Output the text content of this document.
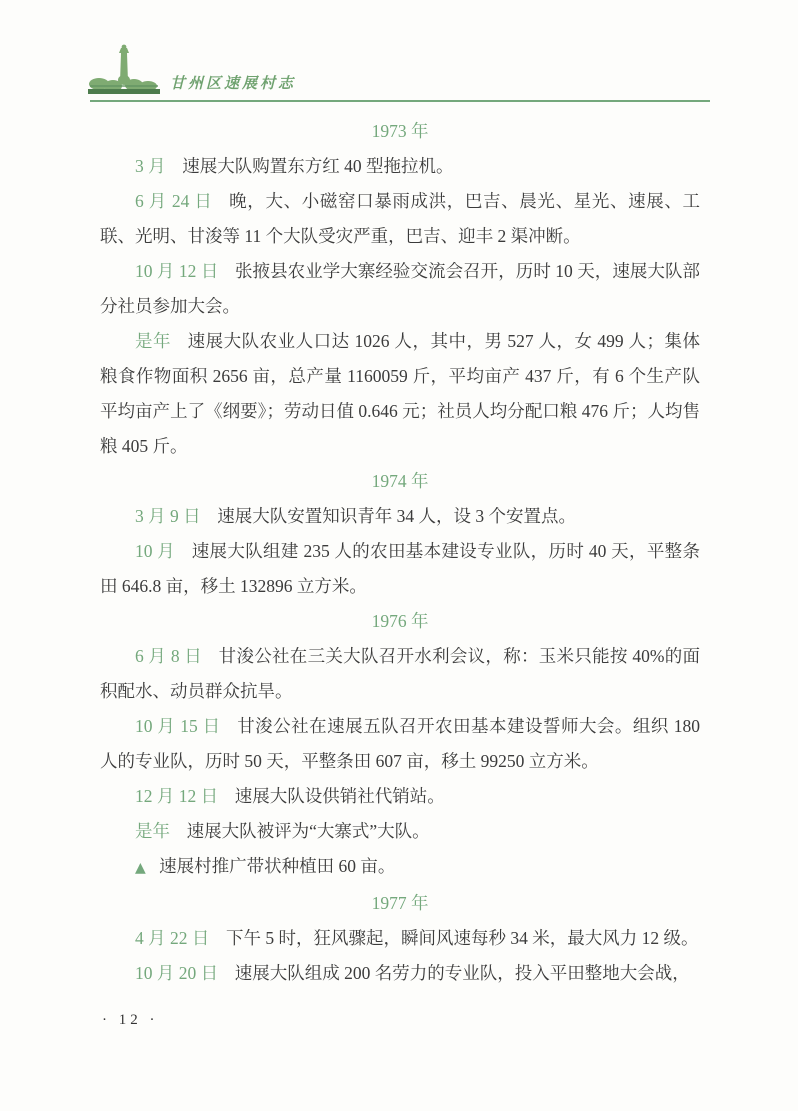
甘州区速展村志
1973 年

3 月 速展大队购置东方红 40 型拖拉机。

6 月 24 日 晚，大、小磁窑口暴雨成洪，巴吉、晨光、星光、速展、工联、光明、甘浚等 11 个大队受灾严重，巴吉、迎丰 2 渠冲断。

10 月 12 日 张掖县农业学大寨经验交流会召开，历时 10 天，速展大队部分社员参加大会。

是年 速展大队农业人口达 1026 人，其中，男 527 人，女 499 人；集体粮食作物面积 2656 亩，总产量 1160059 斤，平均亩产 437 斤，有 6 个生产队平均亩产上了《纲要》；劳动日值 0.646 元；社员人均分配口粮 476 斤；人均售粮 405 斤。

1974 年

3 月 9 日 速展大队安置知识青年 34 人，设 3 个安置点。

10 月 速展大队组建 235 人的农田基本建设专业队，历时 40 天，平整条田 646.8 亩，移土 132896 立方米。

1976 年

6 月 8 日 甘浚公社在三关大队召开水利会议，称：玉米只能按 40%的面积配水、动员群众抗旱。

10 月 15 日 甘浚公社在速展五队召开农田基本建设誓师大会。组织 180 人的专业队，历时 50 天，平整条田 607 亩，移土 99250 立方米。

12 月 12 日 速展大队设供销社代销站。

是年 速展大队被评为“大寨式”大队。

▲ 速展村推广带状种植田 60 亩。

1977 年

4 月 22 日 下午 5 时，狂风骤起，瞬间风速每秒 34 米，最大风力 12 级。

10 月 20 日 速展大队组成 200 名劳力的专业队，投入平田整地大会战，

· 12 ·
